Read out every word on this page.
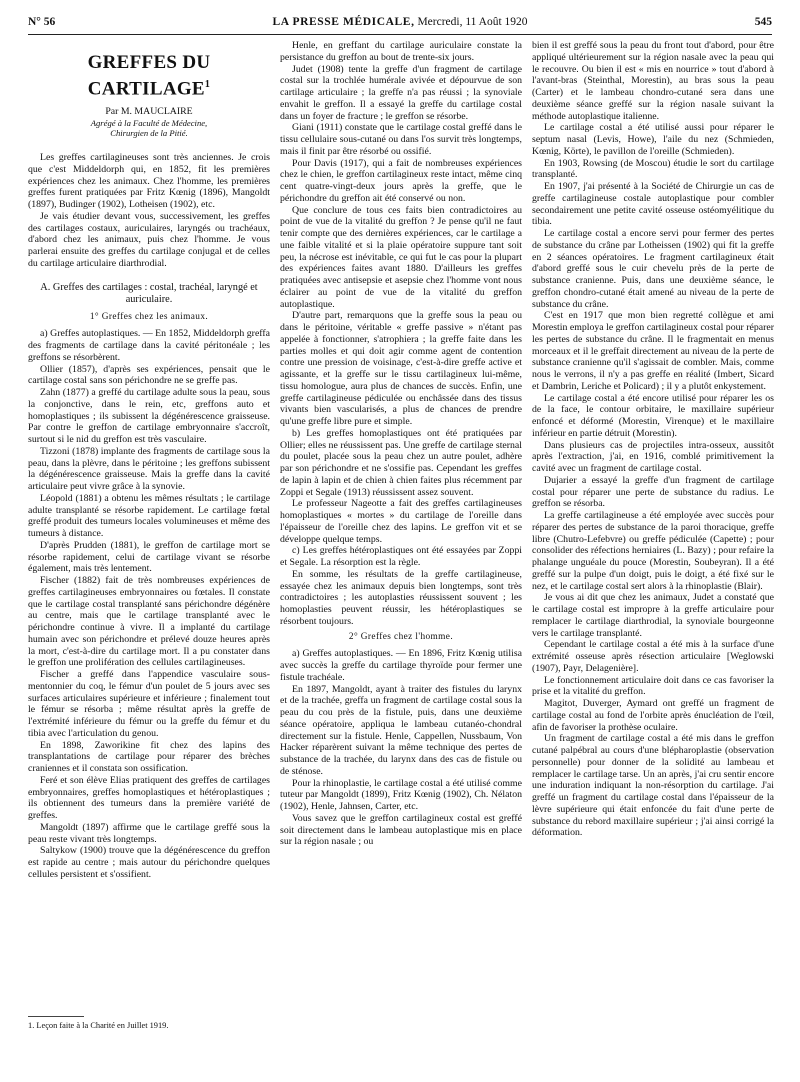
N° 56	LA PRESSE MÉDICALE, Mercredi, 11 Août 1920	545
GREFFES DU CARTILAGE$^1$
Par M. MAUCLAIRE
Agrégé à la Faculté de Médecine,
Chirurgien de la Pitié.

Les greffes cartilagineuses sont très anciennes. Je crois que c'est Middeldorph qui, en 1852, fit les premières expériences chez les animaux. Chez l'homme, les premières greffes furent pratiquées par Fritz Kœnig (1896), Mangoldt (1897), Budinger (1902), Lotheisen (1902), etc.

Je vais étudier devant vous, successivement, les greffes des cartilages costaux, auriculaires, laryngés ou trachéaux, d'abord chez les animaux, puis chez l'homme. Je vous parlerai ensuite des greffes du cartilage conjugal et de celles du cartilage articulaire diarthrodial.

A. Greffes des cartilages : costal, trachéal, laryngé et auriculaire.
1° Greffes chez les animaux.

a) Greffes autoplastiques. — En 1852, Middeldorph greffa des fragments de cartilage dans la cavité péritonéale ; les greffons se résorbèrent.

Ollier (1857), d'après ses expériences, pensait que le cartilage costal sans son périchondre ne se greffe pas.

Zahn (1877) a greffé du cartilage adulte sous la peau, sous la conjonctive, dans le rein, etc, greffons auto et homoplastiques ; ils subissent la dégénérescence graisseuse. Par contre le greffon de cartilage embryonnaire s'accroît, surtout si le nid du greffon est très vasculaire.

Tizzoni (1878) implante des fragments de cartilage sous la peau, dans la plèvre, dans le péritoine ; les greffons subissent la dégénérescence graisseuse. Mais la greffe dans la cavité articulaire peut vivre grâce à la synovie.

Léopold (1881) a obtenu les mêmes résultats ; le cartilage adulte transplanté se résorbe rapidement. Le cartilage fœtal greffé produit des tumeurs locales volumineuses et même des tumeurs à distance.

D'après Prudden (1881), le greffon de cartilage mort se résorbe rapidement, celui de cartilage vivant se résorbe également, mais très lentement.

Fischer (1882) fait de très nombreuses expériences de greffes cartilagineuses embryonnaires ou fœtales. Il constate que le cartilage costal transplanté sans périchondre dégénère au centre, mais que le cartilage transplanté avec le périchondre continue à vivre. Il a implanté du cartilage humain avec son périchondre et prélevé douze heures après la mort, c'est-à-dire du cartilage mort. Il a pu constater dans le greffon une prolifération des cellules cartilagineuses.

Fischer a greffé dans l'appendice vasculaire sous-mentonnier du coq, le fémur d'un poulet de 5 jours avec ses surfaces articulaires supérieure et inférieure ; finalement tout le fémur se résorba ; même résultat après la greffe de l'extrémité inférieure du fémur ou la greffe du fémur et du tibia avec l'articulation du genou.

En 1898, Zaworikine fit chez des lapins des transplantations de cartilage pour réparer des brèches craniennes et il constata son ossification.

Feré et son élève Elias pratiquent des greffes de cartilages embryonnaires, greffes homoplastiques et hétéroplastiques ; ils obtiennent des tumeurs dans la première variété de greffes.

Mangoldt (1897) affirme que le cartilage greffé sous la peau reste vivant très longtemps.

Saltykow (1900) trouve que la dégénérescence du greffon est rapide au centre ; mais autour du périchondre quelques cellules persistent et s'ossifient.

1. Leçon faite à la Charité en Juillet 1919.

Henle, en greffant du cartilage auriculaire constate la persistance du greffon au bout de trente-six jours.

Judet (1908) tente la greffe d'un fragment de cartilage costal sur la trochlée humérale avivée et dépourvue de son cartilage articulaire ; la greffe n'a pas réussi ; la synoviale envahit le greffon. Il a essayé la greffe du cartilage costal dans un foyer de fracture ; le greffon se résorbe.

Giani (1911) constate que le cartilage costal greffé dans le tissu cellulaire sous-cutané ou dans l'os survit très longtemps, mais il finit par être résorbé ou ossifié.

Pour Davis (1917), qui a fait de nombreuses expériences chez le chien, le greffon cartilagineux reste intact, même cinq cent quatre-vingt-deux jours après la greffe, que le périchondre du greffon ait été conservé ou non.

Que conclure de tous ces faits bien contradictoires au point de vue de la vitalité du greffon ? Je pense qu'il ne faut tenir compte que des dernières expériences, car le cartilage a une faible vitalité et si la plaie opératoire suppure tant soit peu, la nécrose est inévitable, ce qui fut le cas pour la plupart des expériences faites avant 1880. D'ailleurs les greffes pratiquées avec antisepsie et asepsie chez l'homme vont nous éclairer au point de vue de la vitalité du greffon autoplastique.

D'autre part, remarquons que la greffe sous la peau ou dans le péritoine, véritable « greffe passive » n'étant pas appelée à fonctionner, s'atrophiera ; la greffe faite dans les parties molles et qui doit agir comme agent de contention contre une pression de voisinage, c'est-à-dire greffe active et agissante, et la greffe sur le tissu cartilagineux lui-même, tissu homologue, aura plus de chances de succès. Enfin, une greffe cartilagineuse pédiculée ou enchâssée dans des tissus vivants bien vascularisés, a plus de chances de prendre qu'une greffe libre pure et simple.

b) Les greffes homoplastiques ont été pratiquées par Ollier; elles ne réussissent pas. Une greffe de cartilage sternal du poulet, placée sous la peau chez un autre poulet, adhère par son périchondre et ne s'ossifie pas. Cependant les greffes de lapin à lapin et de chien à chien faites plus récemment par Zoppi et Segale (1913) réussissent assez souvent.

Le professeur Nageotte a fait des greffes cartilagineuses homoplastiques « mortes » du cartilage de l'oreille dans l'épaisseur de l'oreille chez des lapins. Le greffon vit et se développe quelque temps.

c) Les greffes hétéroplastiques ont été essayées par Zoppi et Segale. La résorption est la règle.

En somme, les résultats de la greffe cartilagineuse, essayée chez les animaux depuis bien longtemps, sont très contradictoires ; les autoplasties réussissent souvent ; les homoplasties peuvent réussir, les hétéroplastiques se résorbent toujours.

2° Greffes chez l'homme.

a) Greffes autoplastiques. — En 1896, Fritz Kœnig utilisa avec succès la greffe du cartilage thyroïde pour fermer une fistule trachéale.

En 1897, Mangoldt, ayant à traiter des fistules du larynx et de la trachée, greffa un fragment de cartilage costal sous la peau du cou près de la fistule, puis, dans une deuxième séance opératoire, appliqua le lambeau cutanéo-chondral directement sur la fistule. Henle, Cappellen, Nussbaum, Von Hacker réparèrent suivant la même technique des pertes de substance de la trachée, du larynx dans des cas de fistule ou de sténose.

Pour la rhinoplastie, le cartilage costal a été utilisé comme tuteur par Mangoldt (1899), Fritz Kœnig (1902), Ch. Nélaton (1902), Henle, Jahnsen, Carter, etc.

Vous savez que le greffon cartilagineux costal est greffé soit directement dans le lambeau autoplastique mis en place sur la région nasale ; ou

bien il est greffé sous la peau du front tout d'abord, pour être appliqué ultérieurement sur la région nasale avec la peau qui le recouvre. Ou bien il est « mis en nourrice » tout d'abord à l'avant-bras (Steinthal, Morestin), au bras sous la peau (Carter) et le lambeau chondro-cutané sera dans une deuxième séance greffé sur la région nasale suivant la méthode autoplastique italienne.

Le cartilage costal a été utilisé aussi pour réparer le septum nasal (Levis, Howe), l'aile du nez (Schmieden, Kœnig, Körte), le pavillon de l'oreille (Schmieden).

En 1903, Rowsing (de Moscou) étudie le sort du cartilage transplanté.

En 1907, j'ai présenté à la Société de Chirurgie un cas de greffe cartilagineuse costale autoplastique pour combler secondairement une petite cavité osseuse ostéomyélitique du tibia.

Le cartilage costal a encore servi pour fermer des pertes de substance du crâne par Lotheissen (1902) qui fit la greffe en 2 séances opératoires. Le fragment cartilagineux était d'abord greffé sous le cuir chevelu près de la perte de substance cranienne. Puis, dans une deuxième séance, le greffon chondro-cutané était amené au niveau de la perte de substance du crâne.

C'est en 1917 que mon bien regretté collègue et ami Morestin employa le greffon cartilagineux costal pour réparer les pertes de substance du crâne. Il le fragmentait en menus morceaux et il le greffait directement au niveau de la perte de substance cranienne qu'il s'agissait de combler. Mais, comme nous le verrons, il n'y a pas greffe en réalité (Imbert, Sicard et Dambrin, Leriche et Policard) ; il y a plutôt enkystement.

Le cartilage costal a été encore utilisé pour réparer les os de la face, le contour orbitaire, le maxillaire supérieur enfoncé et déformé (Morestin, Virenque) et le maxillaire inférieur en partie détruit (Morestin).

Dans plusieurs cas de projectiles intra-osseux, aussitôt après l'extraction, j'ai, en 1916, comblé primitivement la cavité avec un fragment de cartilage costal.

Dujarier a essayé la greffe d'un fragment de cartilage costal pour réparer une perte de substance du radius. Le greffon se résorba.

La greffe cartilagineuse a été employée avec succès pour réparer des pertes de substance de la paroi thoracique, greffe libre (Chutro-Lefebvre) ou greffe pédiculée (Capette) ; pour consolider des réfections herniaires (L. Bazy) ; pour refaire la phalange unguéale du pouce (Morestin, Soubeyran). Il a été greffé sur la pulpe d'un doigt, puis le doigt, a été fixé sur le nez, et le cartilage costal sert alors à la rhinoplastie (Blair).

Je vous ai dit que chez les animaux, Judet a constaté que le cartilage costal est impropre à la greffe articulaire pour remplacer le cartilage diarthrodial, la synoviale bourgeonne vers le cartilage transplanté.

Cependant le cartilage costal a été mis à la surface d'une extrémité osseuse après résection articulaire [Weglowski (1907), Payr, Delagenière].

Le fonctionnement articulaire doit dans ce cas favoriser la prise et la vitalité du greffon.

Magitot, Duverger, Aymard ont greffé un fragment de cartilage costal au fond de l'orbite après énucléation de l'œil, afin de favoriser la prothèse oculaire.

Un fragment de cartilage costal a été mis dans le greffon cutané palpébral au cours d'une blépharoplastie (observation personnelle) pour donner de la solidité au lambeau et remplacer le cartilage tarse. Un an après, j'ai cru sentir encore une induration indiquant la non-résorption du cartilage. J'ai greffé un fragment du cartilage costal dans l'épaisseur de la lèvre supérieure qui était enfoncée du fait d'une perte de substance du rebord maxillaire supérieur ; j'ai ainsi corrigé la déformation.
